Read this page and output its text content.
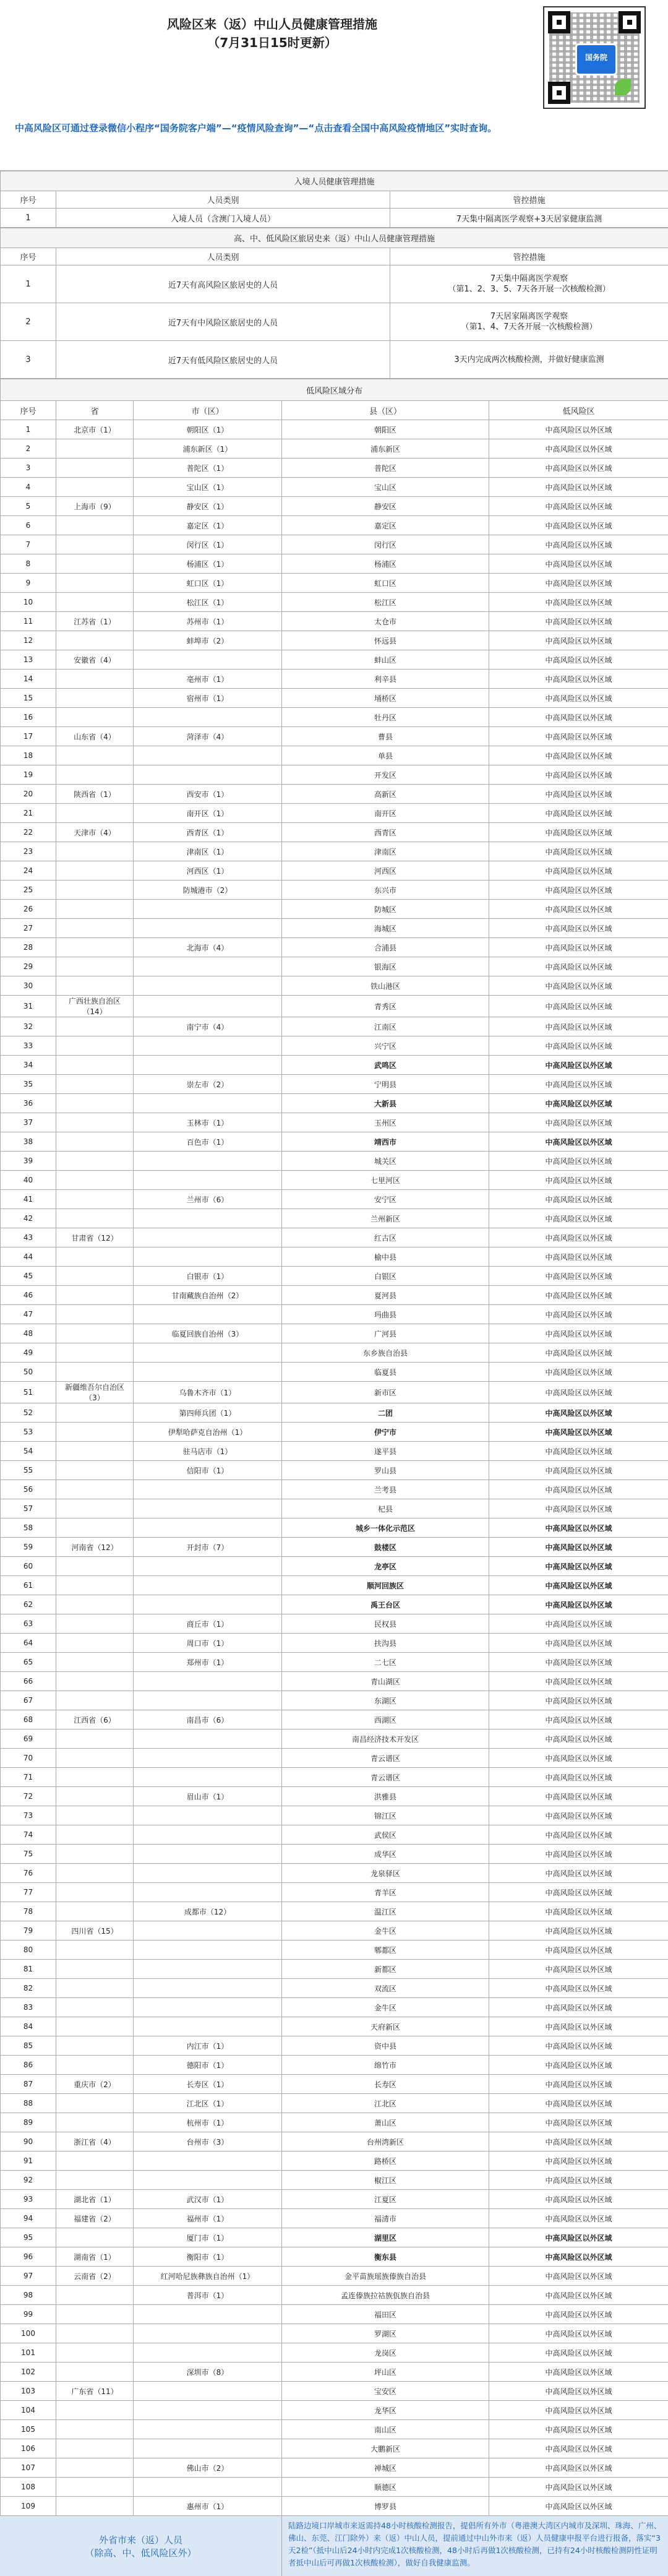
风险区来（返）中山人员健康管理措施
（7月31日15时更新）
国务院
中高风险区可通过登录微信小程序“国务院客户端”—“疫情风险查询”—“点击查看全国中高风险疫情地区”实时查询。
入境人员健康管理措施		
序号	人员类别	管控措施
1	入境人员（含澳门入境人员）	7天集中隔离医学观察+3天居家健康监测
高、中、低风险区旅居史来（返）中山人员健康管理措施		
序号	人员类别	管控措施
1	近7天有高风险区旅居史的人员	7天集中隔离医学观察
（第1、2、3、5、7天各开展一次核酸检测）
2	近7天有中风险区旅居史的人员	7天居家隔离医学观察
（第1、4、7天各开展一次核酸检测）
3	近7天有低风险区旅居史的人员	3天内完成两次核酸检测，并做好健康监测
低风险区域分布				
序号	省	市（区）	县（区）	低风险区
1	北京市（1）	朝阳区（1）	朝阳区	中高风险区以外区域
2		浦东新区（1）	浦东新区	中高风险区以外区域
3		普陀区（1）	普陀区	中高风险区以外区域
4		宝山区（1）	宝山区	中高风险区以外区域
5	上海市（9）	静安区（1）	静安区	中高风险区以外区域
6		嘉定区（1）	嘉定区	中高风险区以外区域
7		闵行区（1）	闵行区	中高风险区以外区域
8		杨浦区（1）	杨浦区	中高风险区以外区域
9		虹口区（1）	虹口区	中高风险区以外区域
10		松江区（1）	松江区	中高风险区以外区域
11	江苏省（1）	苏州市（1）	太仓市	中高风险区以外区域
12		蚌埠市（2）	怀远县	中高风险区以外区域
13	安徽省（4）		蚌山区	中高风险区以外区域
14		亳州市（1）	利辛县	中高风险区以外区域
15		宿州市（1）	埇桥区	中高风险区以外区域
16			牡丹区	中高风险区以外区域
17	山东省（4）	菏泽市（4）	曹县	中高风险区以外区域
18			单县	中高风险区以外区域
19			开发区	中高风险区以外区域
20	陕西省（1）	西安市（1）	高新区	中高风险区以外区域
21		南开区（1）	南开区	中高风险区以外区域
22	天津市（4）	西青区（1）	西青区	中高风险区以外区域
23		津南区（1）	津南区	中高风险区以外区域
24		河西区（1）	河西区	中高风险区以外区域
25		防城港市（2）	东兴市	中高风险区以外区域
26			防城区	中高风险区以外区域
27			海城区	中高风险区以外区域
28		北海市（4）	合浦县	中高风险区以外区域
29			银海区	中高风险区以外区域
30			铁山港区	中高风险区以外区域
31	广西壮族自治区（14）		青秀区	中高风险区以外区域
32		南宁市（4）	江南区	中高风险区以外区域
33			兴宁区	中高风险区以外区域
34			武鸣区	中高风险区以外区域
35		崇左市（2）	宁明县	中高风险区以外区域
36			大新县	中高风险区以外区域
37		玉林市（1）	玉州区	中高风险区以外区域
38		百色市（1）	靖西市	中高风险区以外区域
39			城关区	中高风险区以外区域
40			七里河区	中高风险区以外区域
41		兰州市（6）	安宁区	中高风险区以外区域
42			兰州新区	中高风险区以外区域
43	甘肃省（12）		红古区	中高风险区以外区域
44			榆中县	中高风险区以外区域
45		白银市（1）	白银区	中高风险区以外区域
46		甘南藏族自治州（2）	夏河县	中高风险区以外区域
47			玛曲县	中高风险区以外区域
48		临夏回族自治州（3）	广河县	中高风险区以外区域
49			东乡族自治县	中高风险区以外区域
50			临夏县	中高风险区以外区域
51	新疆维吾尔自治区（3）	乌鲁木齐市（1）	新市区	中高风险区以外区域
52		第四师兵团（1）	二团	中高风险区以外区域
53		伊犁哈萨克自治州（1）	伊宁市	中高风险区以外区域
54		驻马店市（1）	遂平县	中高风险区以外区域
55		信阳市（1）	罗山县	中高风险区以外区域
56			兰考县	中高风险区以外区域
57			杞县	中高风险区以外区域
58			城乡一体化示范区	中高风险区以外区域
59	河南省（12）	开封市（7）	鼓楼区	中高风险区以外区域
60			龙亭区	中高风险区以外区域
61			顺河回族区	中高风险区以外区域
62			禹王台区	中高风险区以外区域
63		商丘市（1）	民权县	中高风险区以外区域
64		周口市（1）	扶沟县	中高风险区以外区域
65		郑州市（1）	二七区	中高风险区以外区域
66			青山湖区	中高风险区以外区域
67			东湖区	中高风险区以外区域
68	江西省（6）	南昌市（6）	西湖区	中高风险区以外区域
69			南昌经济技术开发区	中高风险区以外区域
70			青云谱区	中高风险区以外区域
71			青云谱区	中高风险区以外区域
72		眉山市（1）	洪雅县	中高风险区以外区域
73			锦江区	中高风险区以外区域
74			武侯区	中高风险区以外区域
75			成华区	中高风险区以外区域
76			龙泉驿区	中高风险区以外区域
77			青羊区	中高风险区以外区域
78		成都市（12）	温江区	中高风险区以外区域
79	四川省（15）		金牛区	中高风险区以外区域
80			郫都区	中高风险区以外区域
81			新都区	中高风险区以外区域
82			双流区	中高风险区以外区域
83			金牛区	中高风险区以外区域
84			天府新区	中高风险区以外区域
85		内江市（1）	资中县	中高风险区以外区域
86		德阳市（1）	绵竹市	中高风险区以外区域
87	重庆市（2）	长寿区（1）	长寿区	中高风险区以外区域
88		江北区（1）	江北区	中高风险区以外区域
89		杭州市（1）	萧山区	中高风险区以外区域
90	浙江省（4）	台州市（3）	台州湾新区	中高风险区以外区域
91			路桥区	中高风险区以外区域
92			椒江区	中高风险区以外区域
93	湖北省（1）	武汉市（1）	江夏区	中高风险区以外区域
94	福建省（2）	福州市（1）	福清市	中高风险区以外区域
95		厦门市（1）	湖里区	中高风险区以外区域
96	湖南省（1）	衡阳市（1）	衡东县	中高风险区以外区域
97	云南省（2）	红河哈尼族彝族自治州（1）	金平苗族瑶族傣族自治县	中高风险区以外区域
98		普洱市（1）	孟连傣族拉祜族佤族自治县	中高风险区以外区域
99			福田区	中高风险区以外区域
100			罗湖区	中高风险区以外区域
101			龙岗区	中高风险区以外区域
102		深圳市（8）	坪山区	中高风险区以外区域
103	广东省（11）		宝安区	中高风险区以外区域
104			龙华区	中高风险区以外区域
105			南山区	中高风险区以外区域
106			大鹏新区	中高风险区以外区域
107		佛山市（2）	禅城区	中高风险区以外区域
108			顺德区	中高风险区以外区域
109		惠州市（1）	博罗县	中高风险区以外区域
外省市来（返）人员
（除高、中、低风险区外）
陆路边境口岸城市来返需持48小时核酸检测报告，提倡所有外市（粤港澳大湾区内城市及深圳、珠海、广州、佛山、东莞、江门除外）来（返）中山人员，提前通过中山外市来（返）人员健康申报平台进行报备，落实“3天2检”（抵中山后24小时内完成1次核酸检测，48小时后再做1次核酸检测，已持有24小时核酸检测阴性证明者抵中山后可再做1次核酸检测），做好自我健康监测。
